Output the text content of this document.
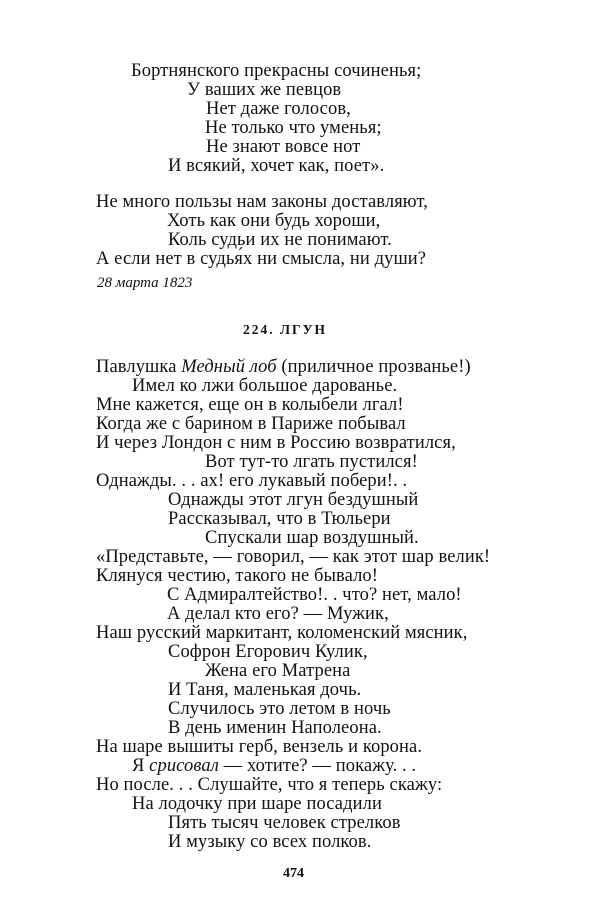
Бортнянского прекрасны сочиненья;
У ваших же певцов
Нет даже голосов,
Не только что уменья;
Не знают вовсе нот
И всякий, хочет как, поет».
Не много пользы нам законы доставляют,
Хоть как они будь хороши,
Коль судьи их не понимают.
А если нет в судья́х ни смысла, ни души?
28 марта 1823
224. ЛГУН
Павлушка Медный лоб (приличное прозванье!)
Имел ко лжи большое дарованье.
Мне кажется, еще он в колыбели лгал!
Когда же с барином в Париже побывал
И через Лондон с ним в Россию возвратился,
Вот тут-то лгать пустился!
Однажды. . . ах! его лукавый побери!. .
Однажды этот лгун бездушный
Рассказывал, что в Тюльери
Спускали шар воздушный.
«Представьте, — говорил, — как этот шар велик!
Клянуся честию, такого не бывало!
С Адмиралтейство!. . что? нет, мало!
А делал кто его? — Мужик,
Наш русский маркитант, коломенский мясник,
Софрон Егорович Кулик,
Жена его Матрена
И Таня, маленькая дочь.
Случилось это летом в ночь
В день именин Наполеона.
На шаре вышиты герб, вензель и корона.
Я срисовал — хотите? — покажу. . .
Но после. . . Слушайте, что я теперь скажу:
На лодочку при шаре посадили
Пять тысяч человек стрелков
И музыку со всех полков.
474
